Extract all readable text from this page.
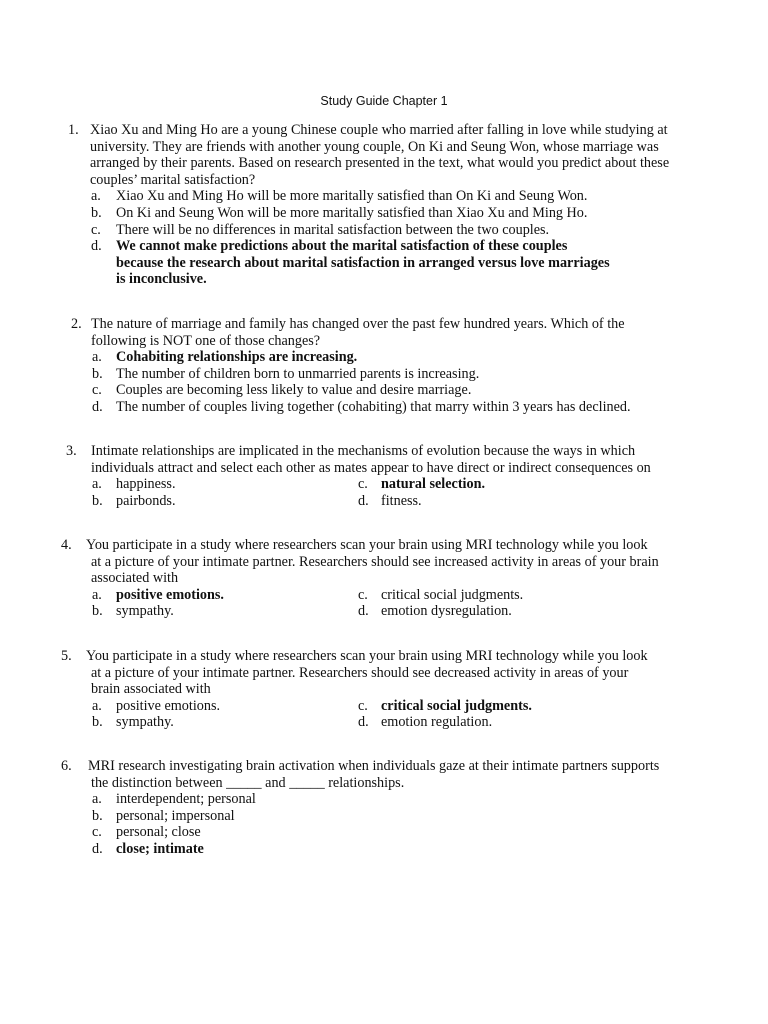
Study Guide Chapter 1
1. Xiao Xu and Ming Ho are a young Chinese couple who married after falling in love while studying at university. They are friends with another young couple, On Ki and Seung Won, whose marriage was arranged by their parents. Based on research presented in the text, what would you predict about these couples’ marital satisfaction?
a. Xiao Xu and Ming Ho will be more maritally satisfied than On Ki and Seung Won.
b. On Ki and Seung Won will be more maritally satisfied than Xiao Xu and Ming Ho.
c. There will be no differences in marital satisfaction between the two couples.
d. We cannot make predictions about the marital satisfaction of these couples because the research about marital satisfaction in arranged versus love marriages is inconclusive.
2. The nature of marriage and family has changed over the past few hundred years. Which of the following is NOT one of those changes?
a. Cohabiting relationships are increasing.
b. The number of children born to unmarried parents is increasing.
c. Couples are becoming less likely to value and desire marriage.
d. The number of couples living together (cohabiting) that marry within 3 years has declined.
3. Intimate relationships are implicated in the mechanisms of evolution because the ways in which individuals attract and select each other as mates appear to have direct or indirect consequences on
a. happiness.	c. natural selection.
b. pairbonds.	d. fitness.
4. You participate in a study where researchers scan your brain using MRI technology while you look at a picture of your intimate partner. Researchers should see increased activity in areas of your brain associated with
a. positive emotions.	c. critical social judgments.
b. sympathy.	d. emotion dysregulation.
5. You participate in a study where researchers scan your brain using MRI technology while you look at a picture of your intimate partner. Researchers should see decreased activity in areas of your brain associated with
a. positive emotions.	c. critical social judgments.
b. sympathy.	d. emotion regulation.
6. MRI research investigating brain activation when individuals gaze at their intimate partners supports the distinction between _____ and _____ relationships.
a. interdependent; personal
b. personal; impersonal
c. personal; close
d. close; intimate
